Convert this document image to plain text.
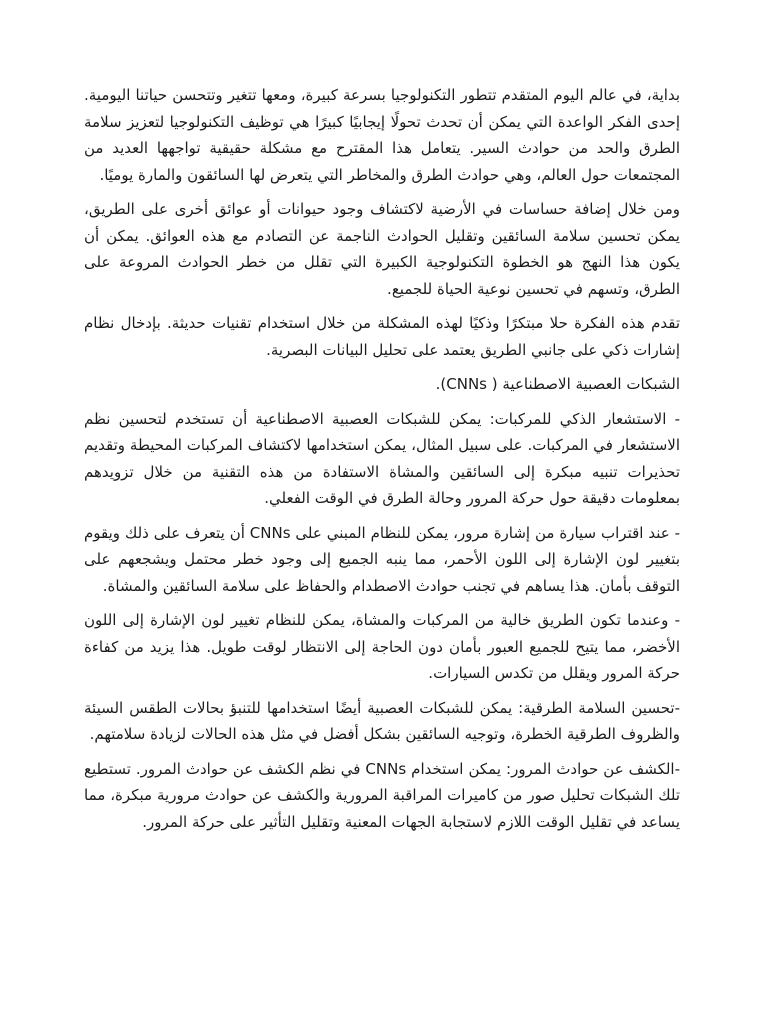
بداية، في عالم اليوم المتقدم تتطور التكنولوجيا بسرعة كبيرة، ومعها تتغير وتتحسن حياتنا اليومية. إحدى الفكر الواعدة التي يمكن أن تحدث تحولًا إيجابيًا كبيرًا هي توظيف التكنولوجيا لتعزيز سلامة الطرق والحد من حوادث السير. يتعامل هذا المقترح مع مشكلة حقيقية تواجهها العديد من المجتمعات حول العالم، وهي حوادث الطرق والمخاطر التي يتعرض لها السائقون والمارة يوميًا.

ومن خلال إضافة حساسات في الأرضية لاكتشاف وجود حيوانات أو عوائق أخرى على الطريق، يمكن تحسين سلامة السائقين وتقليل الحوادث الناجمة عن التصادم مع هذه العوائق. يمكن أن يكون هذا النهج هو الخطوة التكنولوجية الكبيرة التي تقلل من خطر الحوادث المروعة على الطرق، وتسهم في تحسين نوعية الحياة للجميع.

تقدم هذه الفكرة حلا مبتكرًا وذكيًا لهذه المشكلة من خلال استخدام تقنيات حديثة. بإدخال نظام إشارات ذكي على جانبي الطريق يعتمد على تحليل البيانات البصرية.

الشبكات العصبية الاصطناعية ( CNNs).

- الاستشعار الذكي للمركبات: يمكن للشبكات العصبية الاصطناعية أن تستخدم لتحسين نظم الاستشعار في المركبات. على سبيل المثال، يمكن استخدامها لاكتشاف المركبات المحيطة وتقديم تحذيرات تنبيه مبكرة إلى السائقين والمشاة الاستفادة من هذه التقنية من خلال تزويدهم بمعلومات دقيقة حول حركة المرور وحالة الطرق في الوقت الفعلي.

- عند اقتراب سيارة من إشارة مرور، يمكن للنظام المبني على CNNs أن يتعرف على ذلك ويقوم بتغيير لون الإشارة إلى اللون الأحمر، مما ينبه الجميع إلى وجود خطر محتمل ويشجعهم على التوقف بأمان. هذا يساهم في تجنب حوادث الاصطدام والحفاظ على سلامة السائقين والمشاة.

- وعندما تكون الطريق خالية من المركبات والمشاة، يمكن للنظام تغيير لون الإشارة إلى اللون الأخضر، مما يتيح للجميع العبور بأمان دون الحاجة إلى الانتظار لوقت طويل. هذا يزيد من كفاءة حركة المرور ويقلل من تكدس السيارات.

-تحسين السلامة الطرقية: يمكن للشبكات العصبية أيضًا استخدامها للتنبؤ بحالات الطقس السيئة والظروف الطرقية الخطرة، وتوجيه السائقين بشكل أفضل في مثل هذه الحالات لزيادة سلامتهم.

-الكشف عن حوادث المرور: يمكن استخدام CNNs في نظم الكشف عن حوادث المرور. تستطيع تلك الشبكات تحليل صور من كاميرات المراقبة المرورية والكشف عن حوادث مرورية مبكرة، مما يساعد في تقليل الوقت اللازم لاستجابة الجهات المعنية وتقليل التأثير على حركة المرور.
